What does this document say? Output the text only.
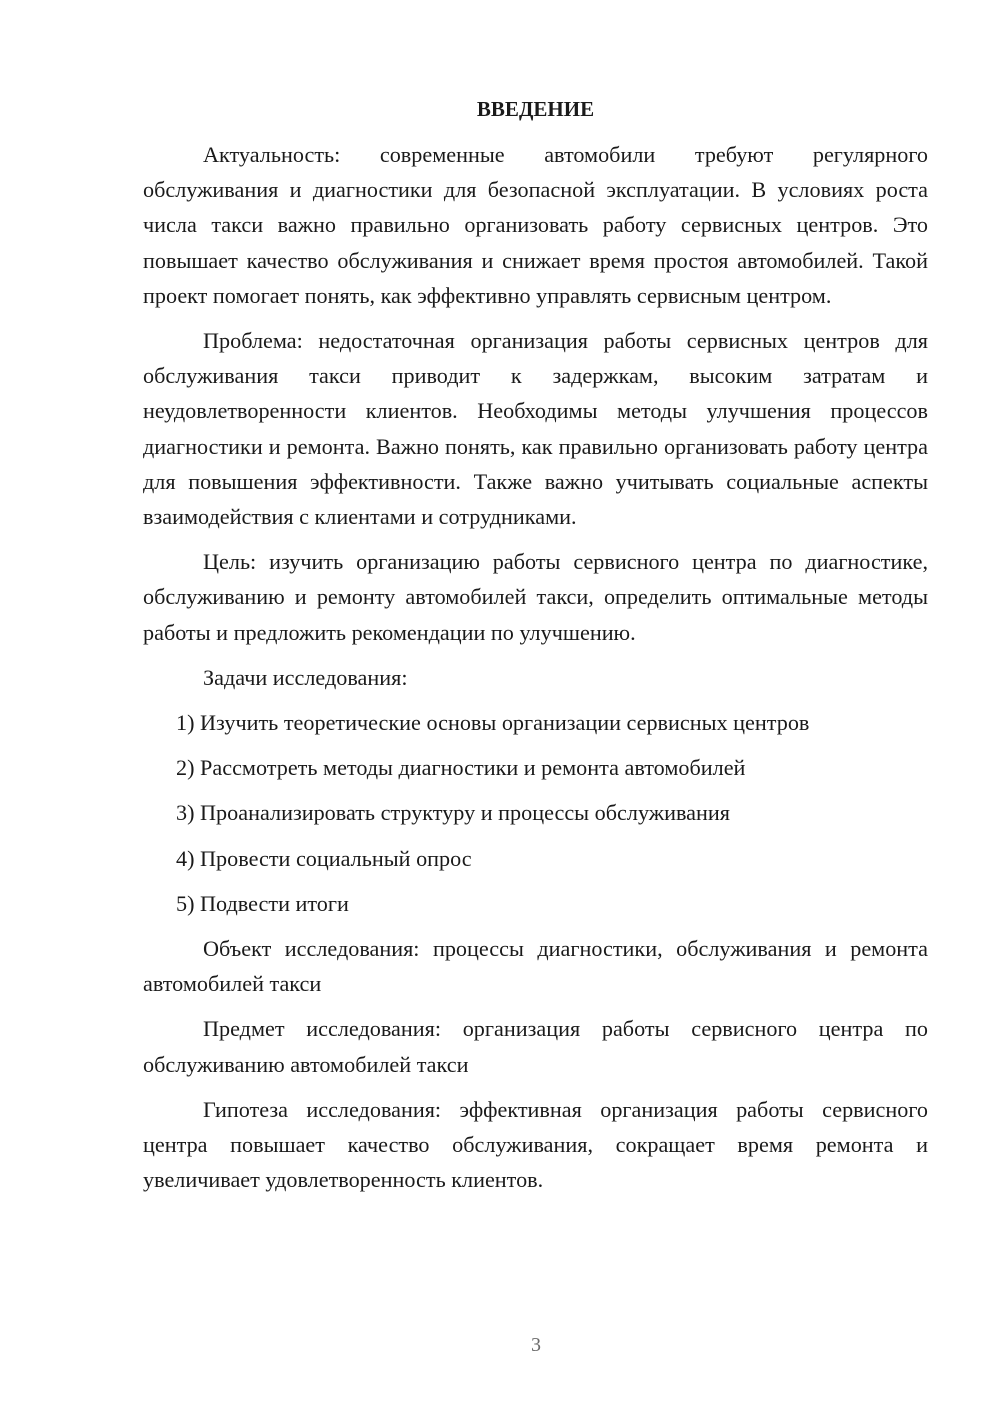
ВВЕДЕНИЕ

Актуальность: современные автомобили требуют регулярного обслуживания и диагностики для безопасной эксплуатации. В условиях роста числа такси важно правильно организовать работу сервисных центров. Это повышает качество обслуживания и снижает время простоя автомобилей. Такой проект помогает понять, как эффективно управлять сервисным центром.

Проблема: недостаточная организация работы сервисных центров для обслуживания такси приводит к задержкам, высоким затратам и неудовлетворенности клиентов. Необходимы методы улучшения процессов диагностики и ремонта. Важно понять, как правильно организовать работу центра для повышения эффективности. Также важно учитывать социальные аспекты взаимодействия с клиентами и сотрудниками.

Цель: изучить организацию работы сервисного центра по диагностике, обслуживанию и ремонту автомобилей такси, определить оптимальные методы работы и предложить рекомендации по улучшению.

Задачи исследования:

1) Изучить теоретические основы организации сервисных центров
2) Рассмотреть методы диагностики и ремонта автомобилей
3) Проанализировать структуру и процессы обслуживания
4) Провести социальный опрос
5) Подвести итоги

Объект исследования: процессы диагностики, обслуживания и ремонта автомобилей такси

Предмет исследования: организация работы сервисного центра по обслуживанию автомобилей такси

Гипотеза исследования: эффективная организация работы сервисного центра повышает качество обслуживания, сокращает время ремонта и увеличивает удовлетворенность клиентов.

3
